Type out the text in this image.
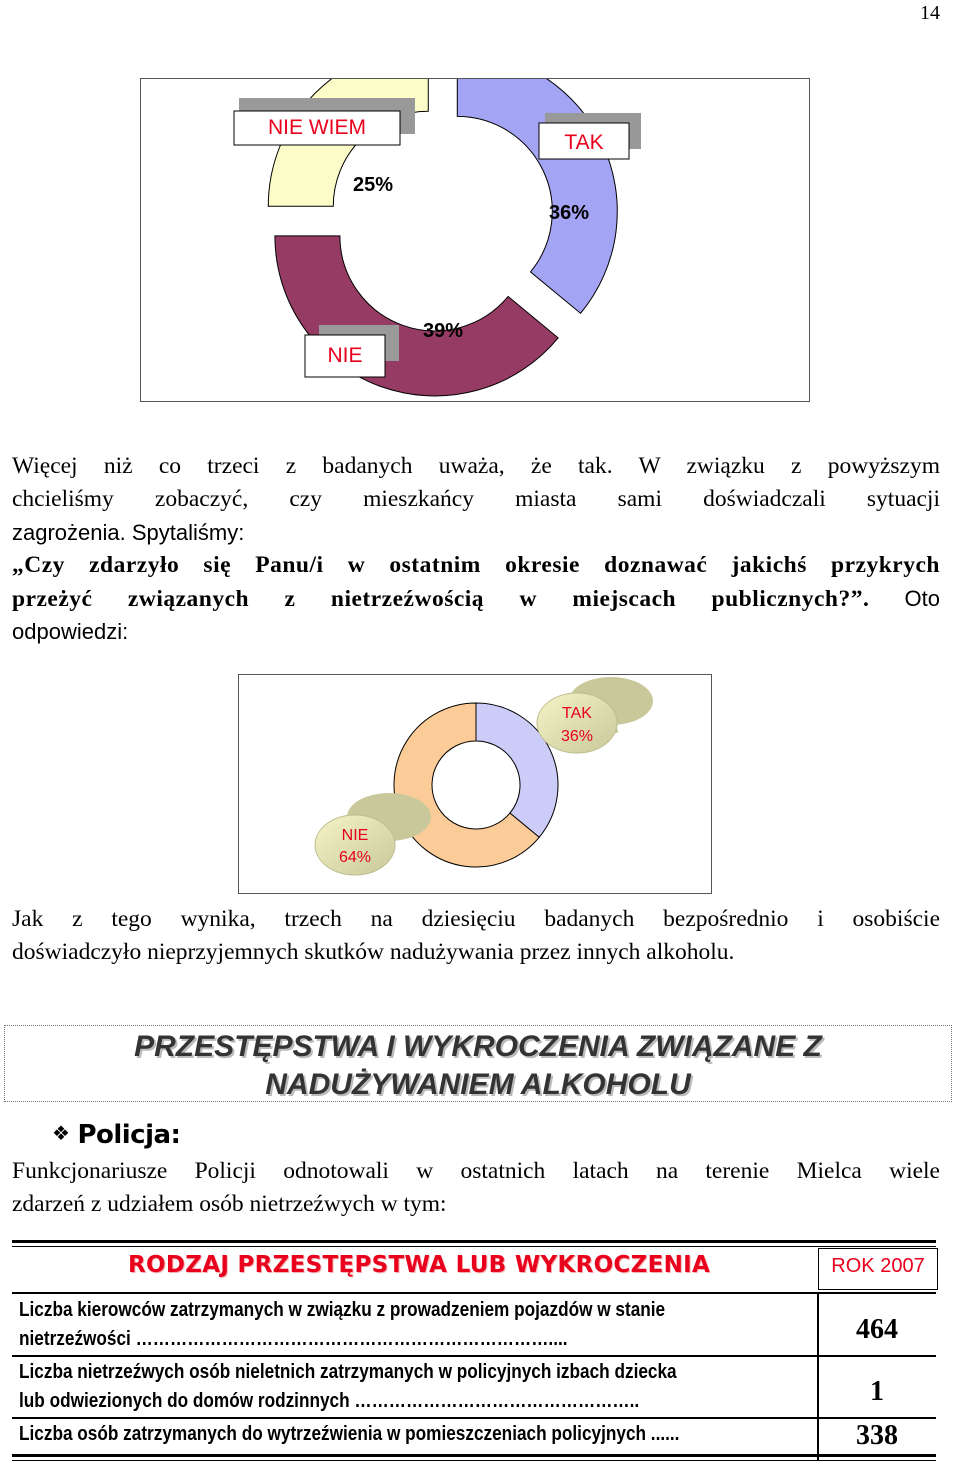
14
NIE WIEM
TAK
NIE
25%
36%
39%
Więcej niż co trzeci z badanych uważa, że tak. W związku z powyższym
chcieliśmy zobaczyć, czy mieszkańcy miasta sami doświadczali sytuacji
zagrożenia. Spytaliśmy:
„Czy zdarzyło się Panu/i w ostatnim okresie doznawać jakichś przykrych
przeżyć związanych z nietrzeźwością w miejscach publicznych?”. Oto
odpowiedzi:
TAK
36%
NIE
64%
Jak z tego wynika, trzech na dziesięciu badanych bezpośrednio i osobiście
doświadczyło nieprzyjemnych skutków nadużywania przez innych alkoholu.
PRZESTĘPSTWA I WYKROCZENIA ZWIĄZANE Z
NADUŻYWANIEM ALKOHOLU
❖ Policja:
Funkcjonariusze Policji odnotowali w ostatnich latach na terenie Mielca wiele
zdarzeń z udziałem osób nietrzeźwych w tym:
RODZAJ PRZESTĘPSTWA LUB WYKROCZENIA	ROK 2007
Liczba kierowców zatrzymanych w związku z prowadzeniem pojazdów w stanie
nietrzeźwości ………………………………………………………………....	464
Liczba nietrzeźwych osób nieletnich zatrzymanych w policyjnych izbach dziecka
lub odwiezionych do domów rodzinnych …………………………………………..	1
Liczba osób zatrzymanych do wytrzeźwienia w pomieszczeniach policyjnych ......	338
